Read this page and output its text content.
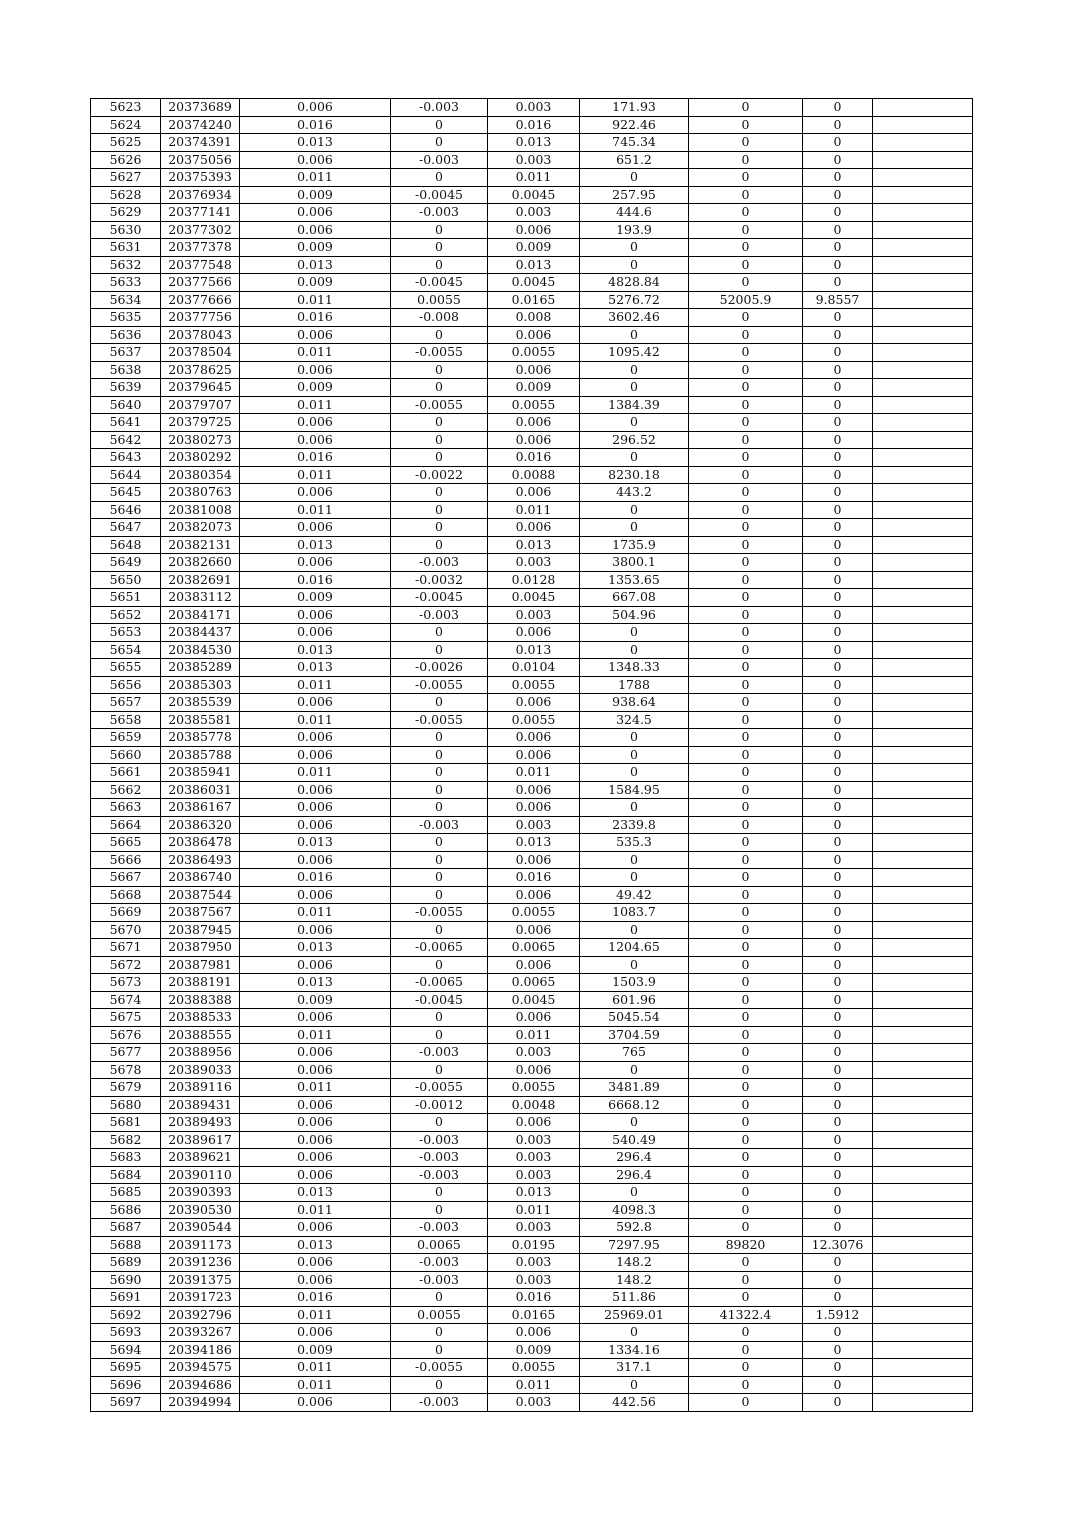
5623	20373689	0.006	-0.003	0.003	171.93	0	0	
5624	20374240	0.016	0	0.016	922.46	0	0	
5625	20374391	0.013	0	0.013	745.34	0	0	
5626	20375056	0.006	-0.003	0.003	651.2	0	0	
5627	20375393	0.011	0	0.011	0	0	0	
5628	20376934	0.009	-0.0045	0.0045	257.95	0	0	
5629	20377141	0.006	-0.003	0.003	444.6	0	0	
5630	20377302	0.006	0	0.006	193.9	0	0	
5631	20377378	0.009	0	0.009	0	0	0	
5632	20377548	0.013	0	0.013	0	0	0	
5633	20377566	0.009	-0.0045	0.0045	4828.84	0	0	
5634	20377666	0.011	0.0055	0.0165	5276.72	52005.9	9.8557	
5635	20377756	0.016	-0.008	0.008	3602.46	0	0	
5636	20378043	0.006	0	0.006	0	0	0	
5637	20378504	0.011	-0.0055	0.0055	1095.42	0	0	
5638	20378625	0.006	0	0.006	0	0	0	
5639	20379645	0.009	0	0.009	0	0	0	
5640	20379707	0.011	-0.0055	0.0055	1384.39	0	0	
5641	20379725	0.006	0	0.006	0	0	0	
5642	20380273	0.006	0	0.006	296.52	0	0	
5643	20380292	0.016	0	0.016	0	0	0	
5644	20380354	0.011	-0.0022	0.0088	8230.18	0	0	
5645	20380763	0.006	0	0.006	443.2	0	0	
5646	20381008	0.011	0	0.011	0	0	0	
5647	20382073	0.006	0	0.006	0	0	0	
5648	20382131	0.013	0	0.013	1735.9	0	0	
5649	20382660	0.006	-0.003	0.003	3800.1	0	0	
5650	20382691	0.016	-0.0032	0.0128	1353.65	0	0	
5651	20383112	0.009	-0.0045	0.0045	667.08	0	0	
5652	20384171	0.006	-0.003	0.003	504.96	0	0	
5653	20384437	0.006	0	0.006	0	0	0	
5654	20384530	0.013	0	0.013	0	0	0	
5655	20385289	0.013	-0.0026	0.0104	1348.33	0	0	
5656	20385303	0.011	-0.0055	0.0055	1788	0	0	
5657	20385539	0.006	0	0.006	938.64	0	0	
5658	20385581	0.011	-0.0055	0.0055	324.5	0	0	
5659	20385778	0.006	0	0.006	0	0	0	
5660	20385788	0.006	0	0.006	0	0	0	
5661	20385941	0.011	0	0.011	0	0	0	
5662	20386031	0.006	0	0.006	1584.95	0	0	
5663	20386167	0.006	0	0.006	0	0	0	
5664	20386320	0.006	-0.003	0.003	2339.8	0	0	
5665	20386478	0.013	0	0.013	535.3	0	0	
5666	20386493	0.006	0	0.006	0	0	0	
5667	20386740	0.016	0	0.016	0	0	0	
5668	20387544	0.006	0	0.006	49.42	0	0	
5669	20387567	0.011	-0.0055	0.0055	1083.7	0	0	
5670	20387945	0.006	0	0.006	0	0	0	
5671	20387950	0.013	-0.0065	0.0065	1204.65	0	0	
5672	20387981	0.006	0	0.006	0	0	0	
5673	20388191	0.013	-0.0065	0.0065	1503.9	0	0	
5674	20388388	0.009	-0.0045	0.0045	601.96	0	0	
5675	20388533	0.006	0	0.006	5045.54	0	0	
5676	20388555	0.011	0	0.011	3704.59	0	0	
5677	20388956	0.006	-0.003	0.003	765	0	0	
5678	20389033	0.006	0	0.006	0	0	0	
5679	20389116	0.011	-0.0055	0.0055	3481.89	0	0	
5680	20389431	0.006	-0.0012	0.0048	6668.12	0	0	
5681	20389493	0.006	0	0.006	0	0	0	
5682	20389617	0.006	-0.003	0.003	540.49	0	0	
5683	20389621	0.006	-0.003	0.003	296.4	0	0	
5684	20390110	0.006	-0.003	0.003	296.4	0	0	
5685	20390393	0.013	0	0.013	0	0	0	
5686	20390530	0.011	0	0.011	4098.3	0	0	
5687	20390544	0.006	-0.003	0.003	592.8	0	0	
5688	20391173	0.013	0.0065	0.0195	7297.95	89820	12.3076	
5689	20391236	0.006	-0.003	0.003	148.2	0	0	
5690	20391375	0.006	-0.003	0.003	148.2	0	0	
5691	20391723	0.016	0	0.016	511.86	0	0	
5692	20392796	0.011	0.0055	0.0165	25969.01	41322.4	1.5912	
5693	20393267	0.006	0	0.006	0	0	0	
5694	20394186	0.009	0	0.009	1334.16	0	0	
5695	20394575	0.011	-0.0055	0.0055	317.1	0	0	
5696	20394686	0.011	0	0.011	0	0	0	
5697	20394994	0.006	-0.003	0.003	442.56	0	0	
